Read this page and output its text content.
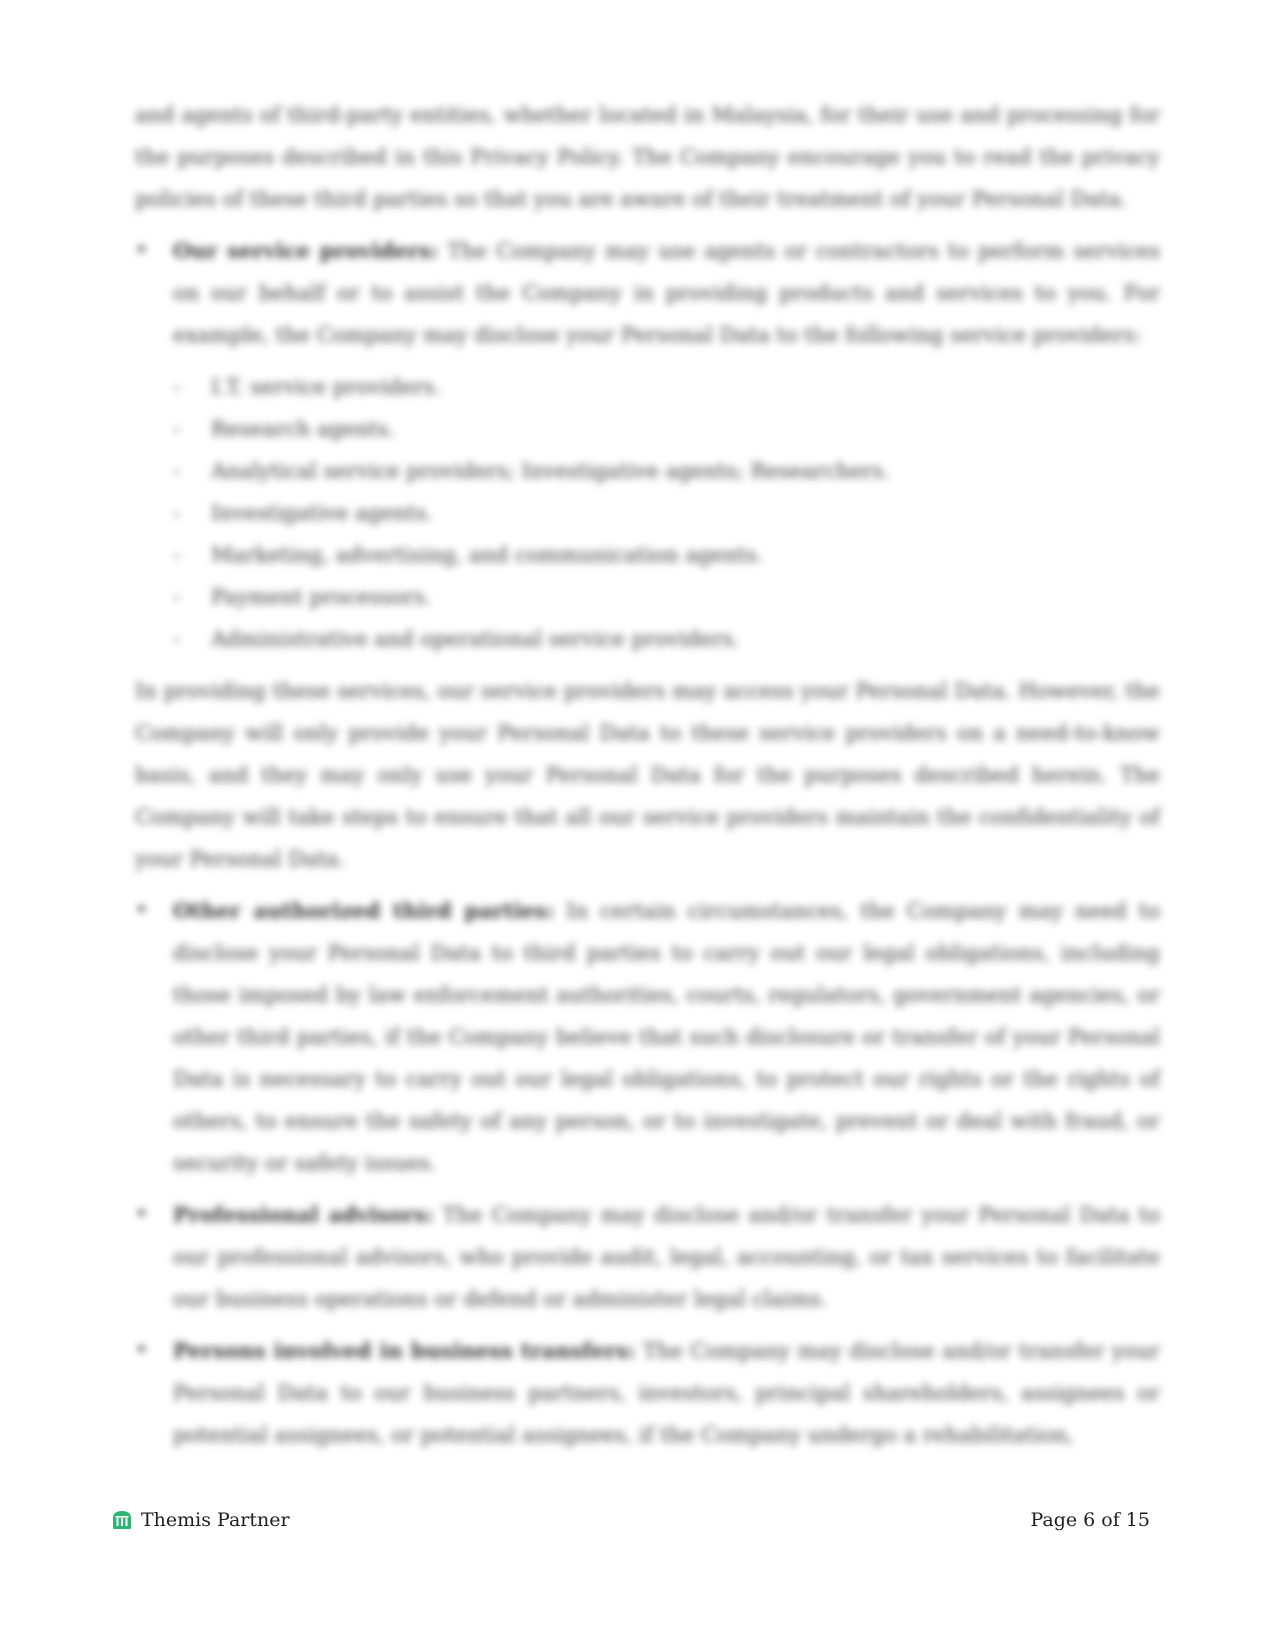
and agents of third-party entities, whether located in Malaysia, for their use and processing for the purposes described in this Privacy Policy. The Company encourage you to read the privacy policies of these third parties so that you are aware of their treatment of your Personal Data.

• Our service providers: The Company may use agents or contractors to perform services on our behalf or to assist the Company in providing products and services to you. For example, the Company may disclose your Personal Data to the following service providers:
- I.T. service providers.
- Research agents.
- Analytical service providers; Investigative agents; Researchers.
- Investigative agents.
- Marketing, advertising, and communication agents.
- Payment processors.
- Administrative and operational service providers.

In providing these services, our service providers may access your Personal Data. However, the Company will only provide your Personal Data to these service providers on a need-to-know basis, and they may only use your Personal Data for the purposes described herein. The Company will take steps to ensure that all our service providers maintain the confidentiality of your Personal Data.

• Other authorized third parties: In certain circumstances, the Company may need to disclose your Personal Data to third parties to carry out our legal obligations, including those imposed by law enforcement authorities, courts, regulators, government agencies, or other third parties, if the Company believe that such disclosure or transfer of your Personal Data is necessary to carry out our legal obligations, to protect our rights or the rights of others, to ensure the safety of any person, or to investigate, prevent or deal with fraud, or security or safety issues.
• Professional advisors: The Company may disclose and/or transfer your Personal Data to our professional advisors, who provide audit, legal, accounting, or tax services to facilitate our business operations or defend or administer legal claims.
• Persons involved in business transfers: The Company may disclose and/or transfer your Personal Data to our business partners, investors, principal shareholders, assignees or potential assignees, or potential assignees, if the Company undergo a rehabilitation,
Themis Partner	Page 6 of 15
